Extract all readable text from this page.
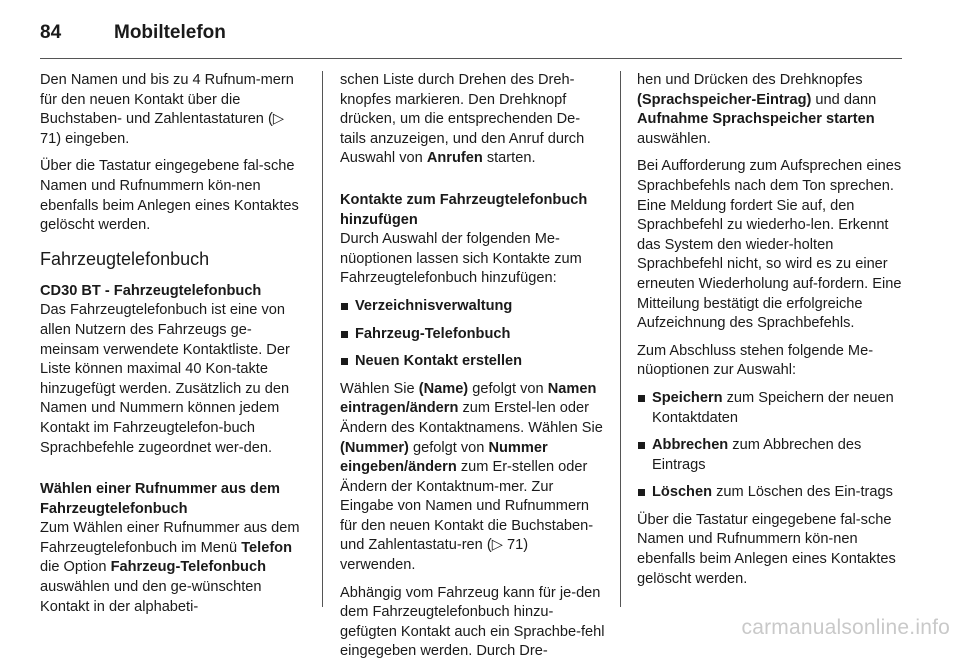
84	Mobiltelefon

Den Namen und bis zu 4 Rufnum-mern für den neuen Kontakt über die Buchstaben- und Zahlentastaturen (▷ 71) eingeben.

Über die Tastatur eingegebene fal-sche Namen und Rufnummern kön-nen ebenfalls beim Anlegen eines Kontaktes gelöscht werden.

Fahrzeugtelefonbuch
CD30 BT - Fahrzeugtelefonbuch

Das Fahrzeugtelefonbuch ist eine von allen Nutzern des Fahrzeugs ge-meinsam verwendete Kontaktliste. Der Liste können maximal 40 Kon-takte hinzugefügt werden. Zusätzlich zu den Namen und Nummern können jedem Kontakt im Fahrzeugtelefon-buch Sprachbefehle zugeordnet wer-den.

Wählen einer Rufnummer aus dem Fahrzeugtelefonbuch

Zum Wählen einer Rufnummer aus dem Fahrzeugtelefonbuch im Menü Telefon die Option Fahrzeug-Telefonbuch auswählen und den ge-wünschten Kontakt in der alphabeti-

schen Liste durch Drehen des Dreh-knopfes markieren. Den Drehknopf drücken, um die entsprechenden De-tails anzuzeigen, und den Anruf durch Auswahl von Anrufen starten.

Kontakte zum Fahrzeugtelefonbuch hinzufügen

Durch Auswahl der folgenden Me-nüoptionen lassen sich Kontakte zum Fahrzeugtelefonbuch hinzufügen:

Verzeichnisverwaltung
Fahrzeug-Telefonbuch
Neuen Kontakt erstellen

Wählen Sie (Name) gefolgt von Namen eintragen/ändern zum Erstel-len oder Ändern des Kontaktnamens. Wählen Sie (Nummer) gefolgt von Nummer eingeben/ändern zum Er-stellen oder Ändern der Kontaktnum-mer. Zur Eingabe von Namen und Rufnummern für den neuen Kontakt die Buchstaben- und Zahlentastatu-ren (▷ 71) verwenden.

Abhängig vom Fahrzeug kann für je-den dem Fahrzeugtelefonbuch hinzu-gefügten Kontakt auch ein Sprachbe-fehl eingegeben werden. Durch Dre-

hen und Drücken des Drehknopfes (Sprachspeicher-Eintrag) und dann Aufnahme Sprachspeicher starten auswählen.

Bei Aufforderung zum Aufsprechen eines Sprachbefehls nach dem Ton sprechen. Eine Meldung fordert Sie auf, den Sprachbefehl zu wiederho-len. Erkennt das System den wieder-holten Sprachbefehl nicht, so wird es zu einer erneuten Wiederholung auf-fordern. Eine Mitteilung bestätigt die erfolgreiche Aufzeichnung des Sprachbefehls.

Zum Abschluss stehen folgende Me-nüoptionen zur Auswahl:

Speichern zum Speichern der neuen Kontaktdaten
Abbrechen zum Abbrechen des Eintrags
Löschen zum Löschen des Ein-trags

Über die Tastatur eingegebene fal-sche Namen und Rufnummern kön-nen ebenfalls beim Anlegen eines Kontaktes gelöscht werden.

carmanualsonline.info
